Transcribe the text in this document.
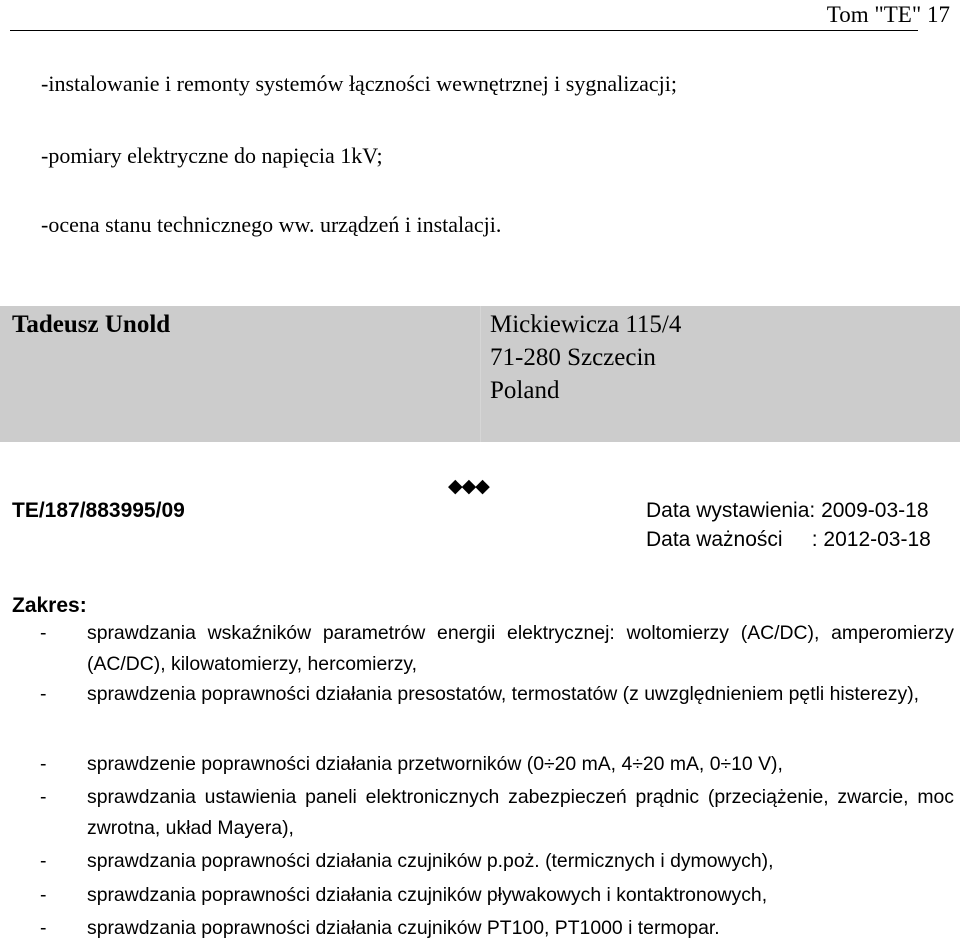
Tom "TE" 17
-instalowanie i remonty systemów łączności wewnętrznej i sygnalizacji;
-pomiary elektryczne do napięcia 1kV;
-ocena stanu technicznego ww. urządzeń i instalacji.
Tadeusz Unold	Mickiewicza 115/4
71-280 Szczecin
Poland
◆◆◆
TE/187/883995/09	Data wystawienia: 2009-03-18
Data ważności     : 2012-03-18
Zakres:
- sprawdzania wskaźników parametrów energii elektrycznej: woltomierzy (AC/DC), amperomierzy (AC/DC), kilowatomierzy, hercomierzy,
- sprawdzenia poprawności działania presostatów, termostatów (z uwzględnieniem pętli histerezy),
- sprawdzenie poprawności działania przetworników (0÷20 mA, 4÷20 mA, 0÷10 V),
- sprawdzania ustawienia paneli elektronicznych zabezpieczeń prądnic (przeciążenie, zwarcie, moc zwrotna, układ Mayera),
- sprawdzania poprawności działania czujników p.poż. (termicznych i dymowych),
- sprawdzania poprawności działania czujników pływakowych i kontaktronowych,
- sprawdzania poprawności działania czujników PT100, PT1000 i termopar.
